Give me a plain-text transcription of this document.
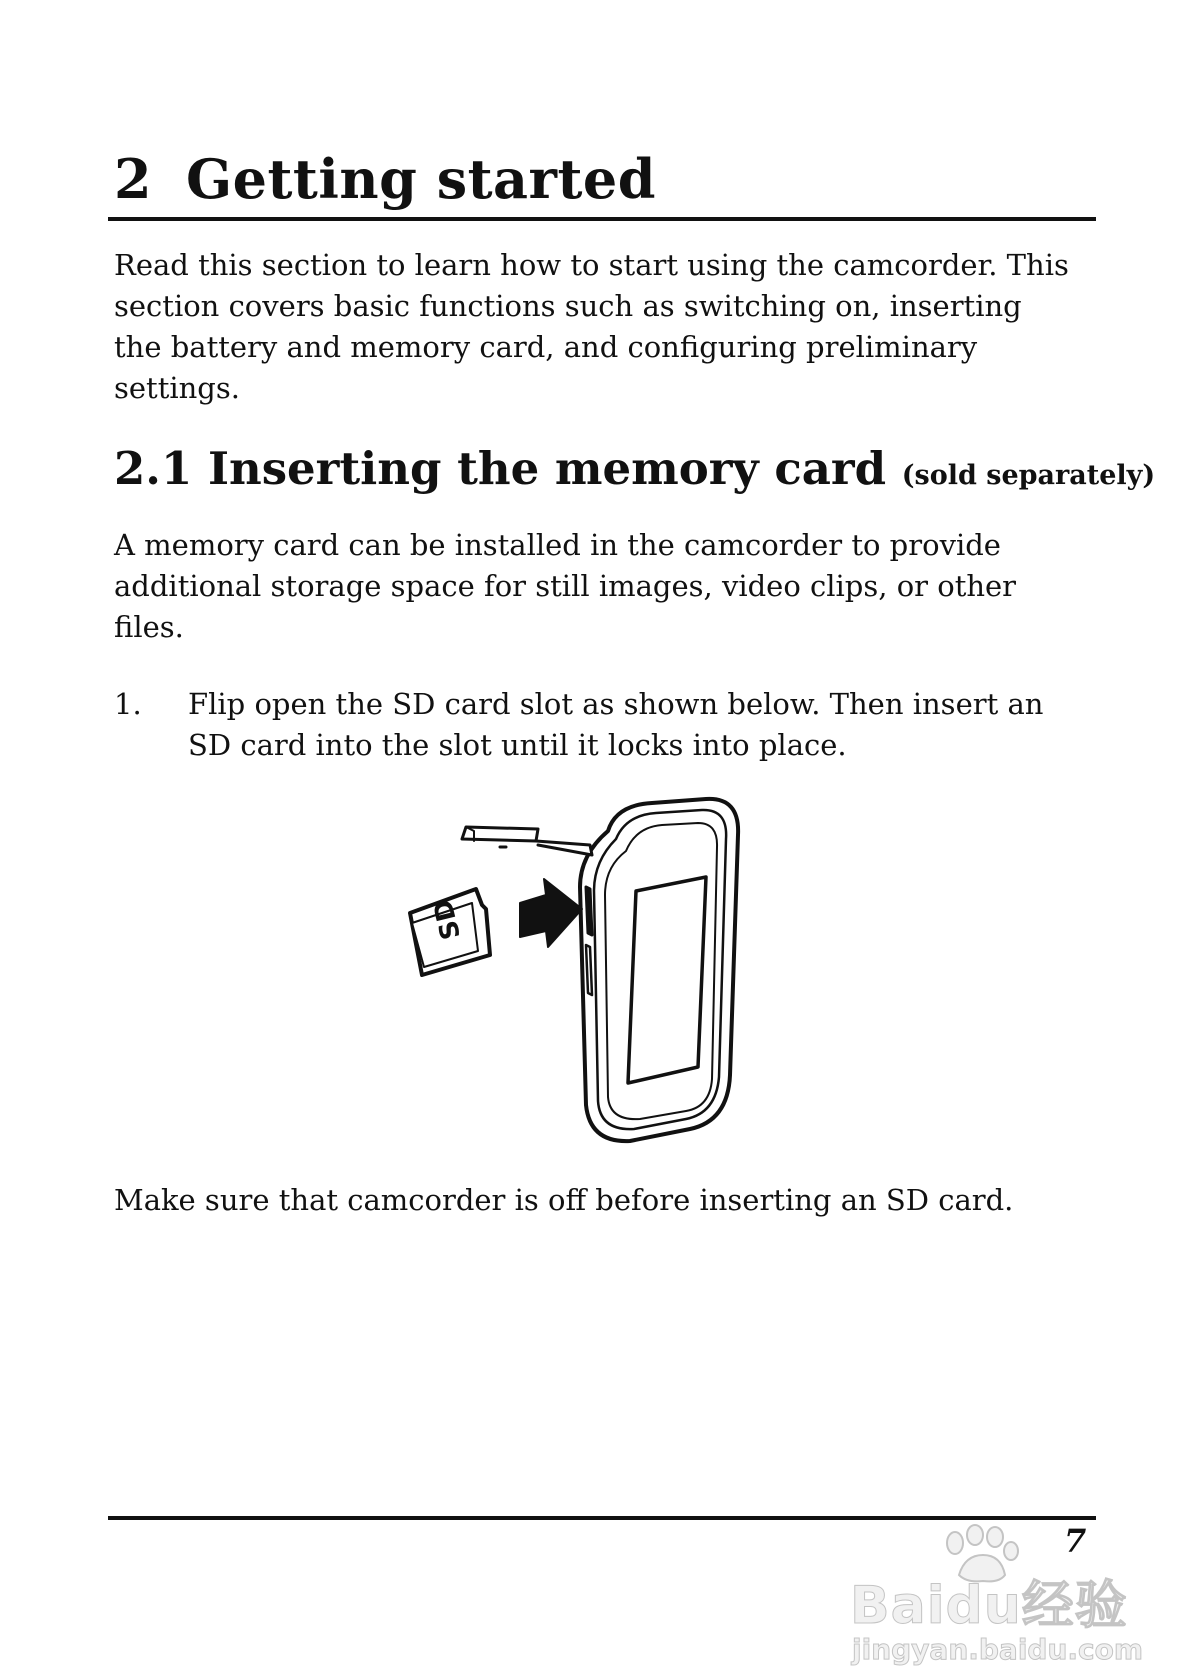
2 Getting started

Read this section to learn how to start using the camcorder. This section covers basic functions such as switching on, inserting the battery and memory card, and configuring preliminary settings.

2.1 Inserting the memory card (sold separately)

A memory card can be installed in the camcorder to provide additional storage space for still images, video clips, or other files.

1. Flip open the SD card slot as shown below. Then insert an SD card into the slot until it locks into place.
SD

Make sure that camcorder is off before inserting an SD card.

7
Baidu经验
jingyan.baidu.com
